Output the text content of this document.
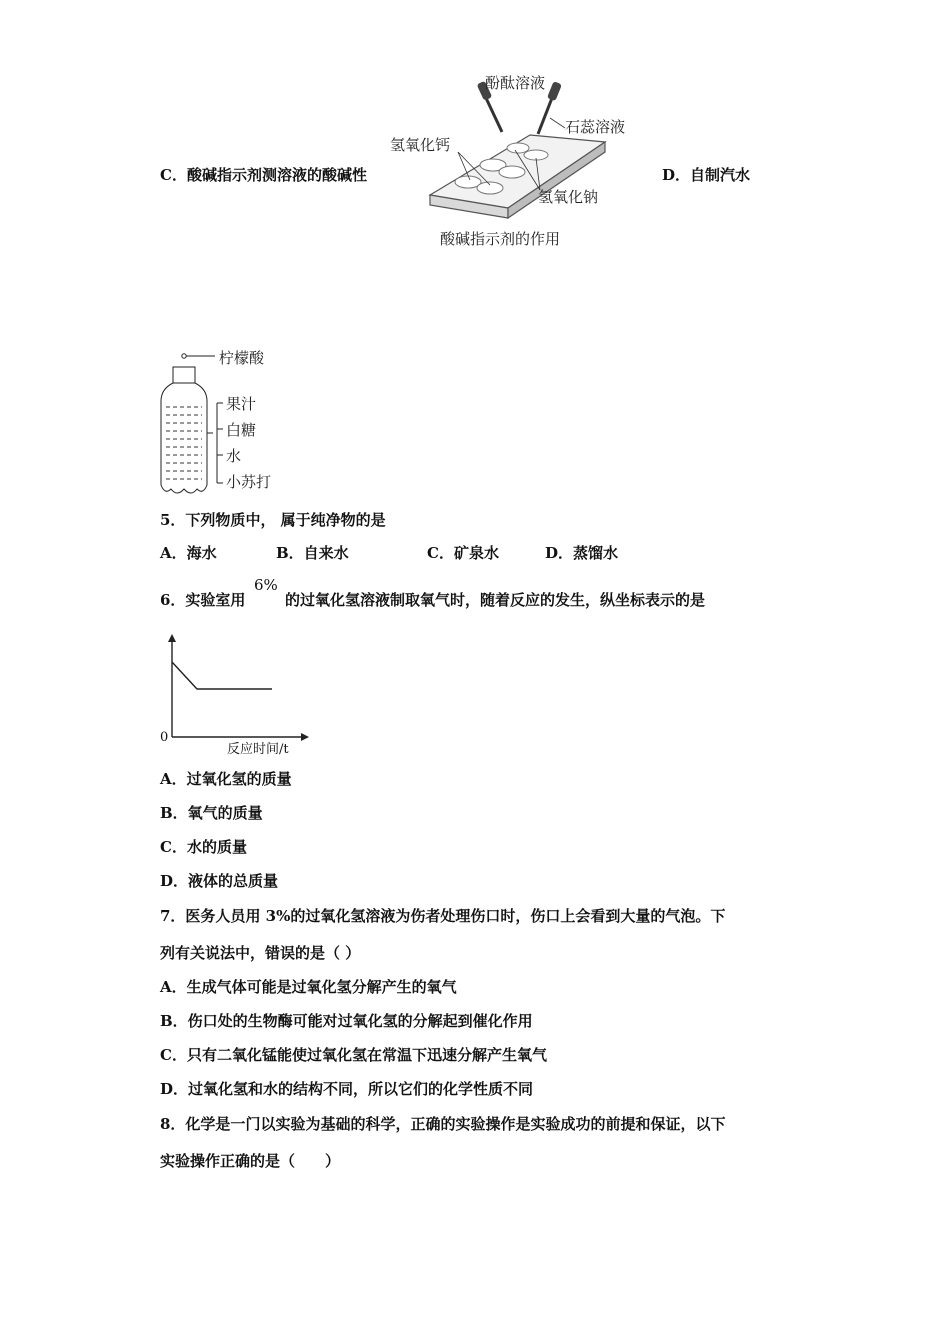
C．酸碱指示剂测溶液的酸碱性	D．自制汽水
酚酞溶液
石蕊溶液
氢氧化钙
氢氧化钠
酸碱指示剂的作用
柠檬酸
果汁
白糖
水
小苏打
5．下列物质中， 属于纯净物的是
A．海水	B．自来水	C．矿泉水	D．蒸馏水
6．实验室用
6%
的过氧化氢溶液制取氧气时，随着反应的发生，纵坐标表示的是
0
反应时间/t
A．过氧化氢的质量
B．氧气的质量
C．水的质量
D．液体的总质量
7．医务人员用 3%的过氧化氢溶液为伤者处理伤口时，伤口上会看到大量的气泡。下
列有关说法中，错误的是（ ）
A．生成气体可能是过氧化氢分解产生的氧气
B．伤口处的生物酶可能对过氧化氢的分解起到催化作用
C．只有二氧化锰能使过氧化氢在常温下迅速分解产生氧气
D．过氧化氢和水的结构不同，所以它们的化学性质不同
8．化学是一门以实验为基础的科学，正确的实验操作是实验成功的前提和保证，以下
实验操作正确的是（　　）
